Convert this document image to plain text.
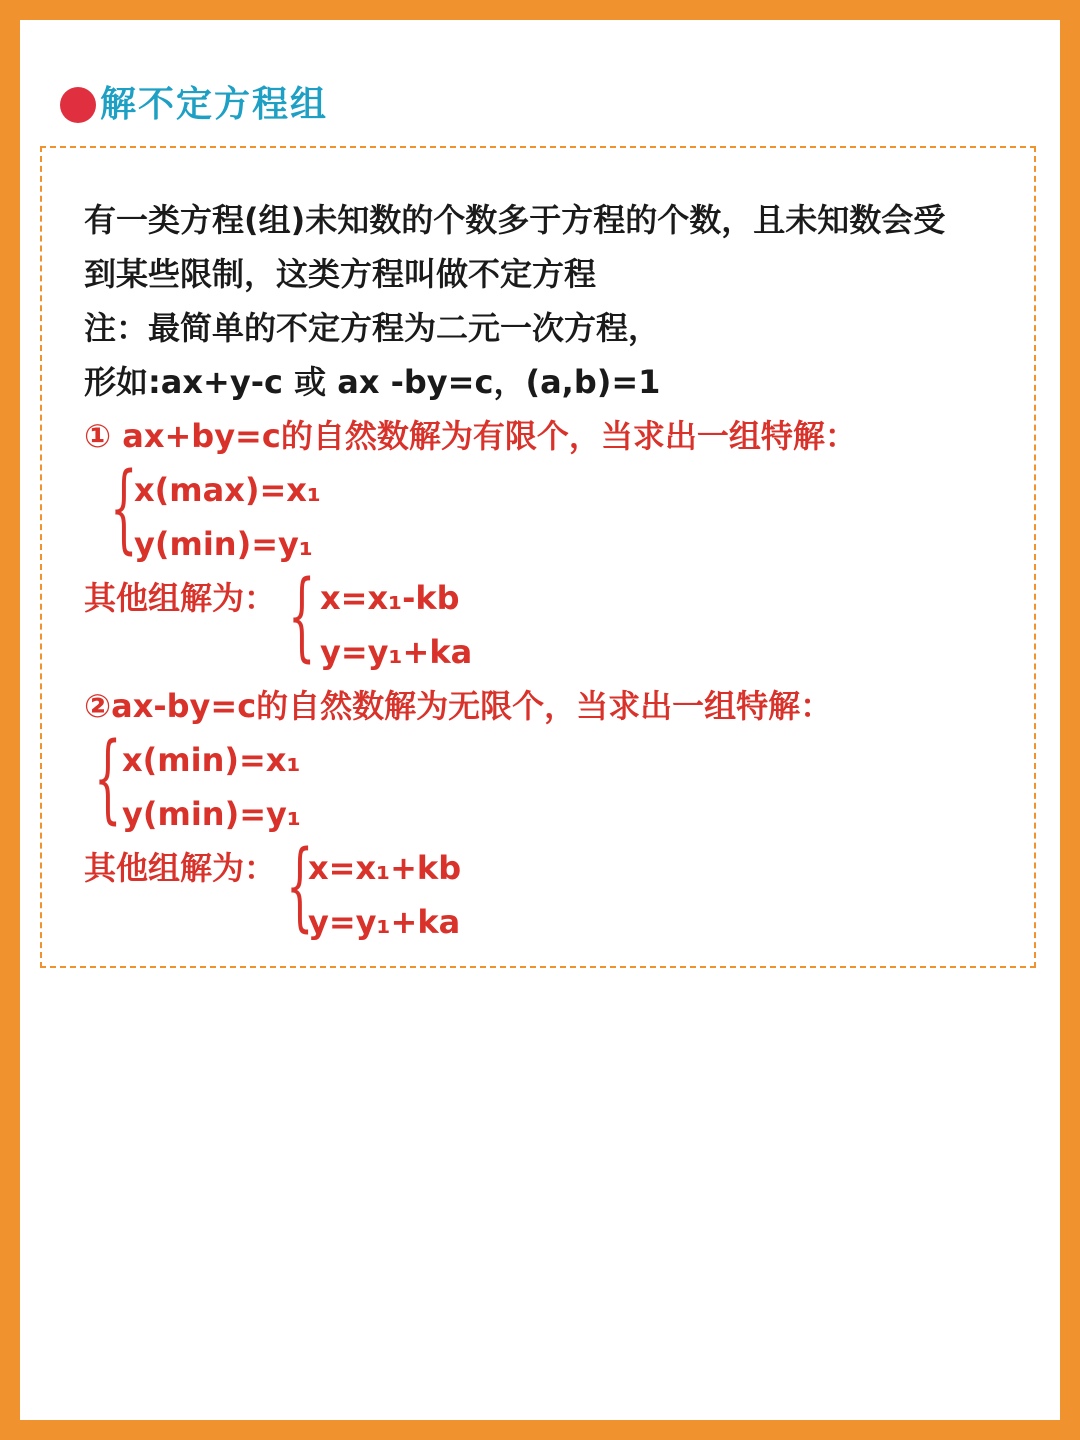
解不定方程组
有一类方程(组)未知数的个数多于方程的个数，且未知数会受
到某些限制，这类方程叫做不定方程
注：最简单的不定方程为二元一次方程，
形如:ax+y-c 或 ax -by=c，(a,b)=1
① ax+by=c的自然数解为有限个，当求出一组特解：
{
x(max)=x₁
y(min)=y₁
其他组解为： { x=x₁-kb
y=y₁+ka
②ax-by=c的自然数解为无限个，当求出一组特解：
{ x(min)=x₁
y(min)=y₁
其他组解为： {
x=x₁+kb
y=y₁+ka
